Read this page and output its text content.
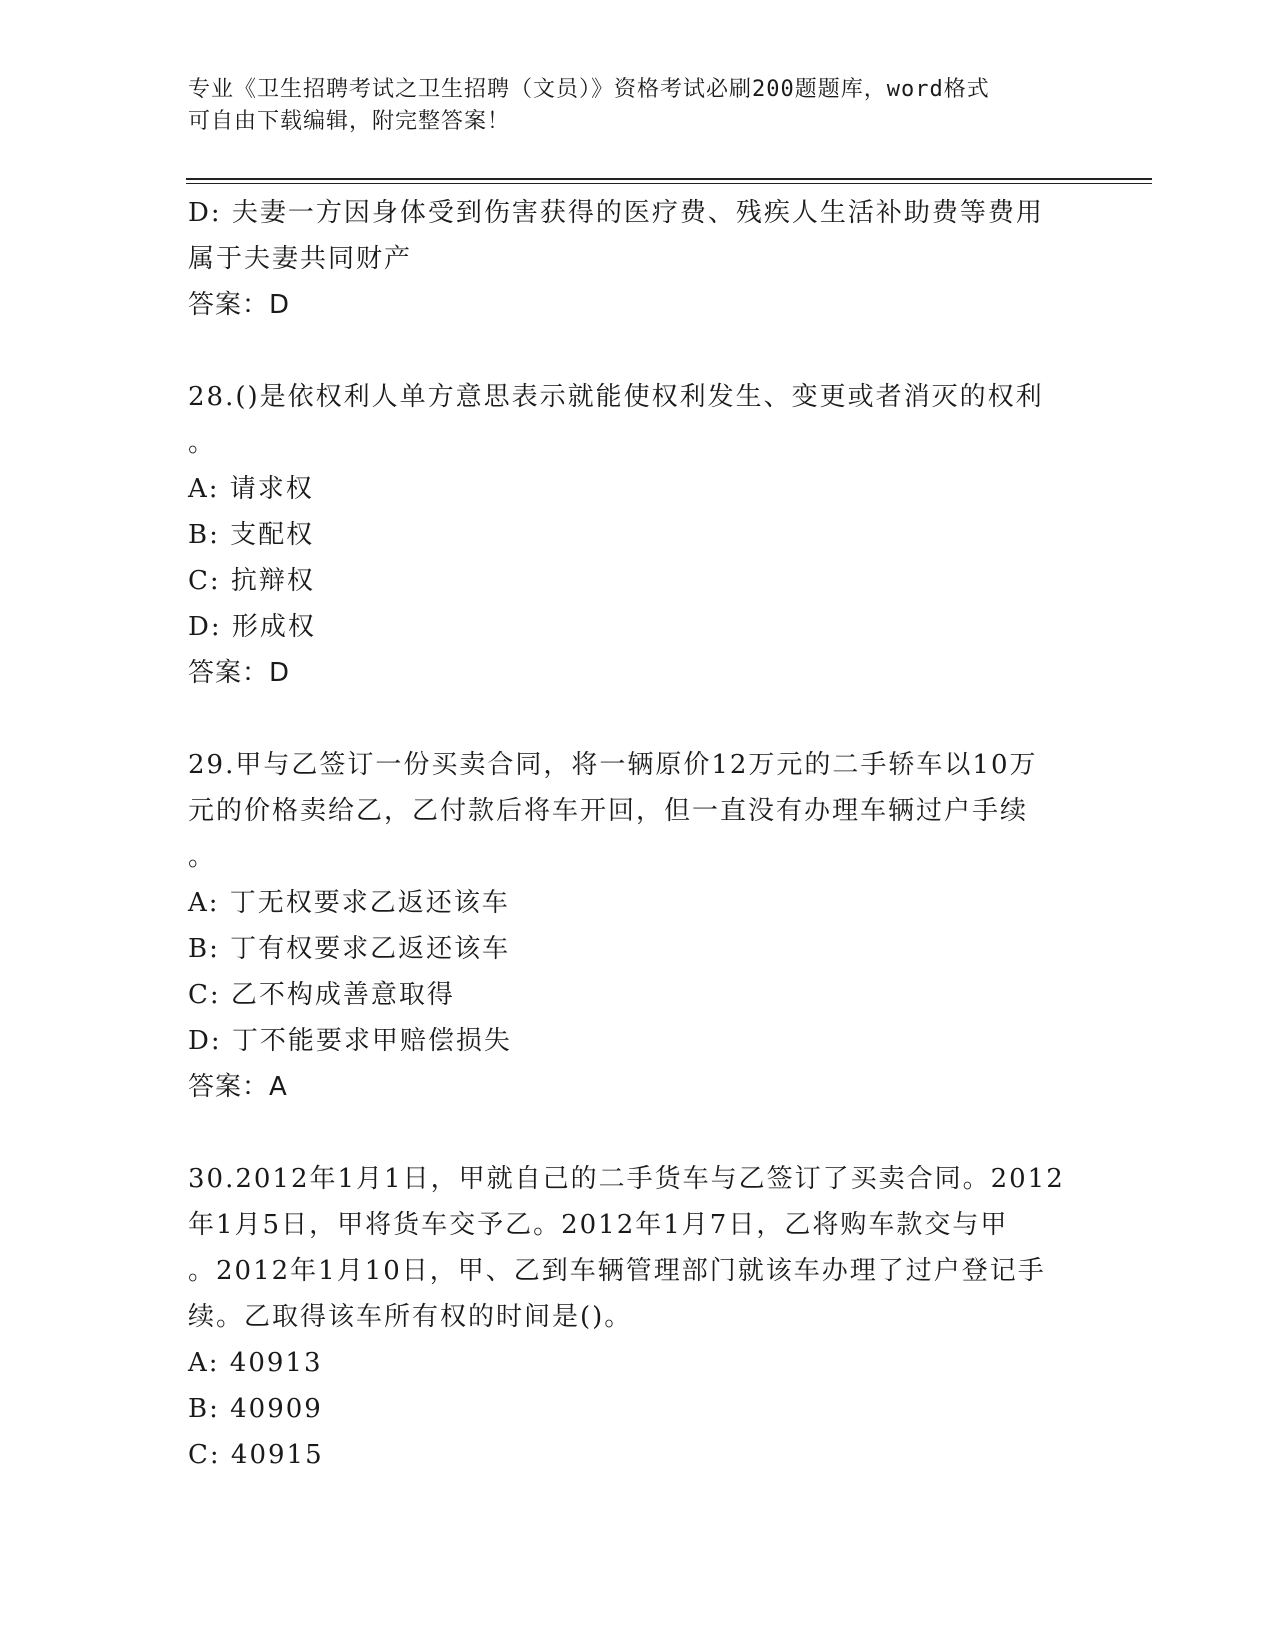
专业《卫生招聘考试之卫生招聘（文员）》资格考试必刷200题题库，word格式
可自由下载编辑，附完整答案！
D: 夫妻一方因身体受到伤害获得的医疗费、残疾人生活补助费等费用
属于夫妻共同财产
答案：D
28.()是依权利人单方意思表示就能使权利发生、变更或者消灭的权利
。
A: 请求权
B: 支配权
C: 抗辩权
D: 形成权
答案：D
29.甲与乙签订一份买卖合同，将一辆原价12万元的二手轿车以10万
元的价格卖给乙，乙付款后将车开回，但一直没有办理车辆过户手续
。
A: 丁无权要求乙返还该车
B: 丁有权要求乙返还该车
C: 乙不构成善意取得
D: 丁不能要求甲赔偿损失
答案：A
30.2012年1月1日，甲就自己的二手货车与乙签订了买卖合同。2012
年1月5日，甲将货车交予乙。2012年1月7日，乙将购车款交与甲
。2012年1月10日，甲、乙到车辆管理部门就该车办理了过户登记手
续。乙取得该车所有权的时间是()。
A: 40913
B: 40909
C: 40915
